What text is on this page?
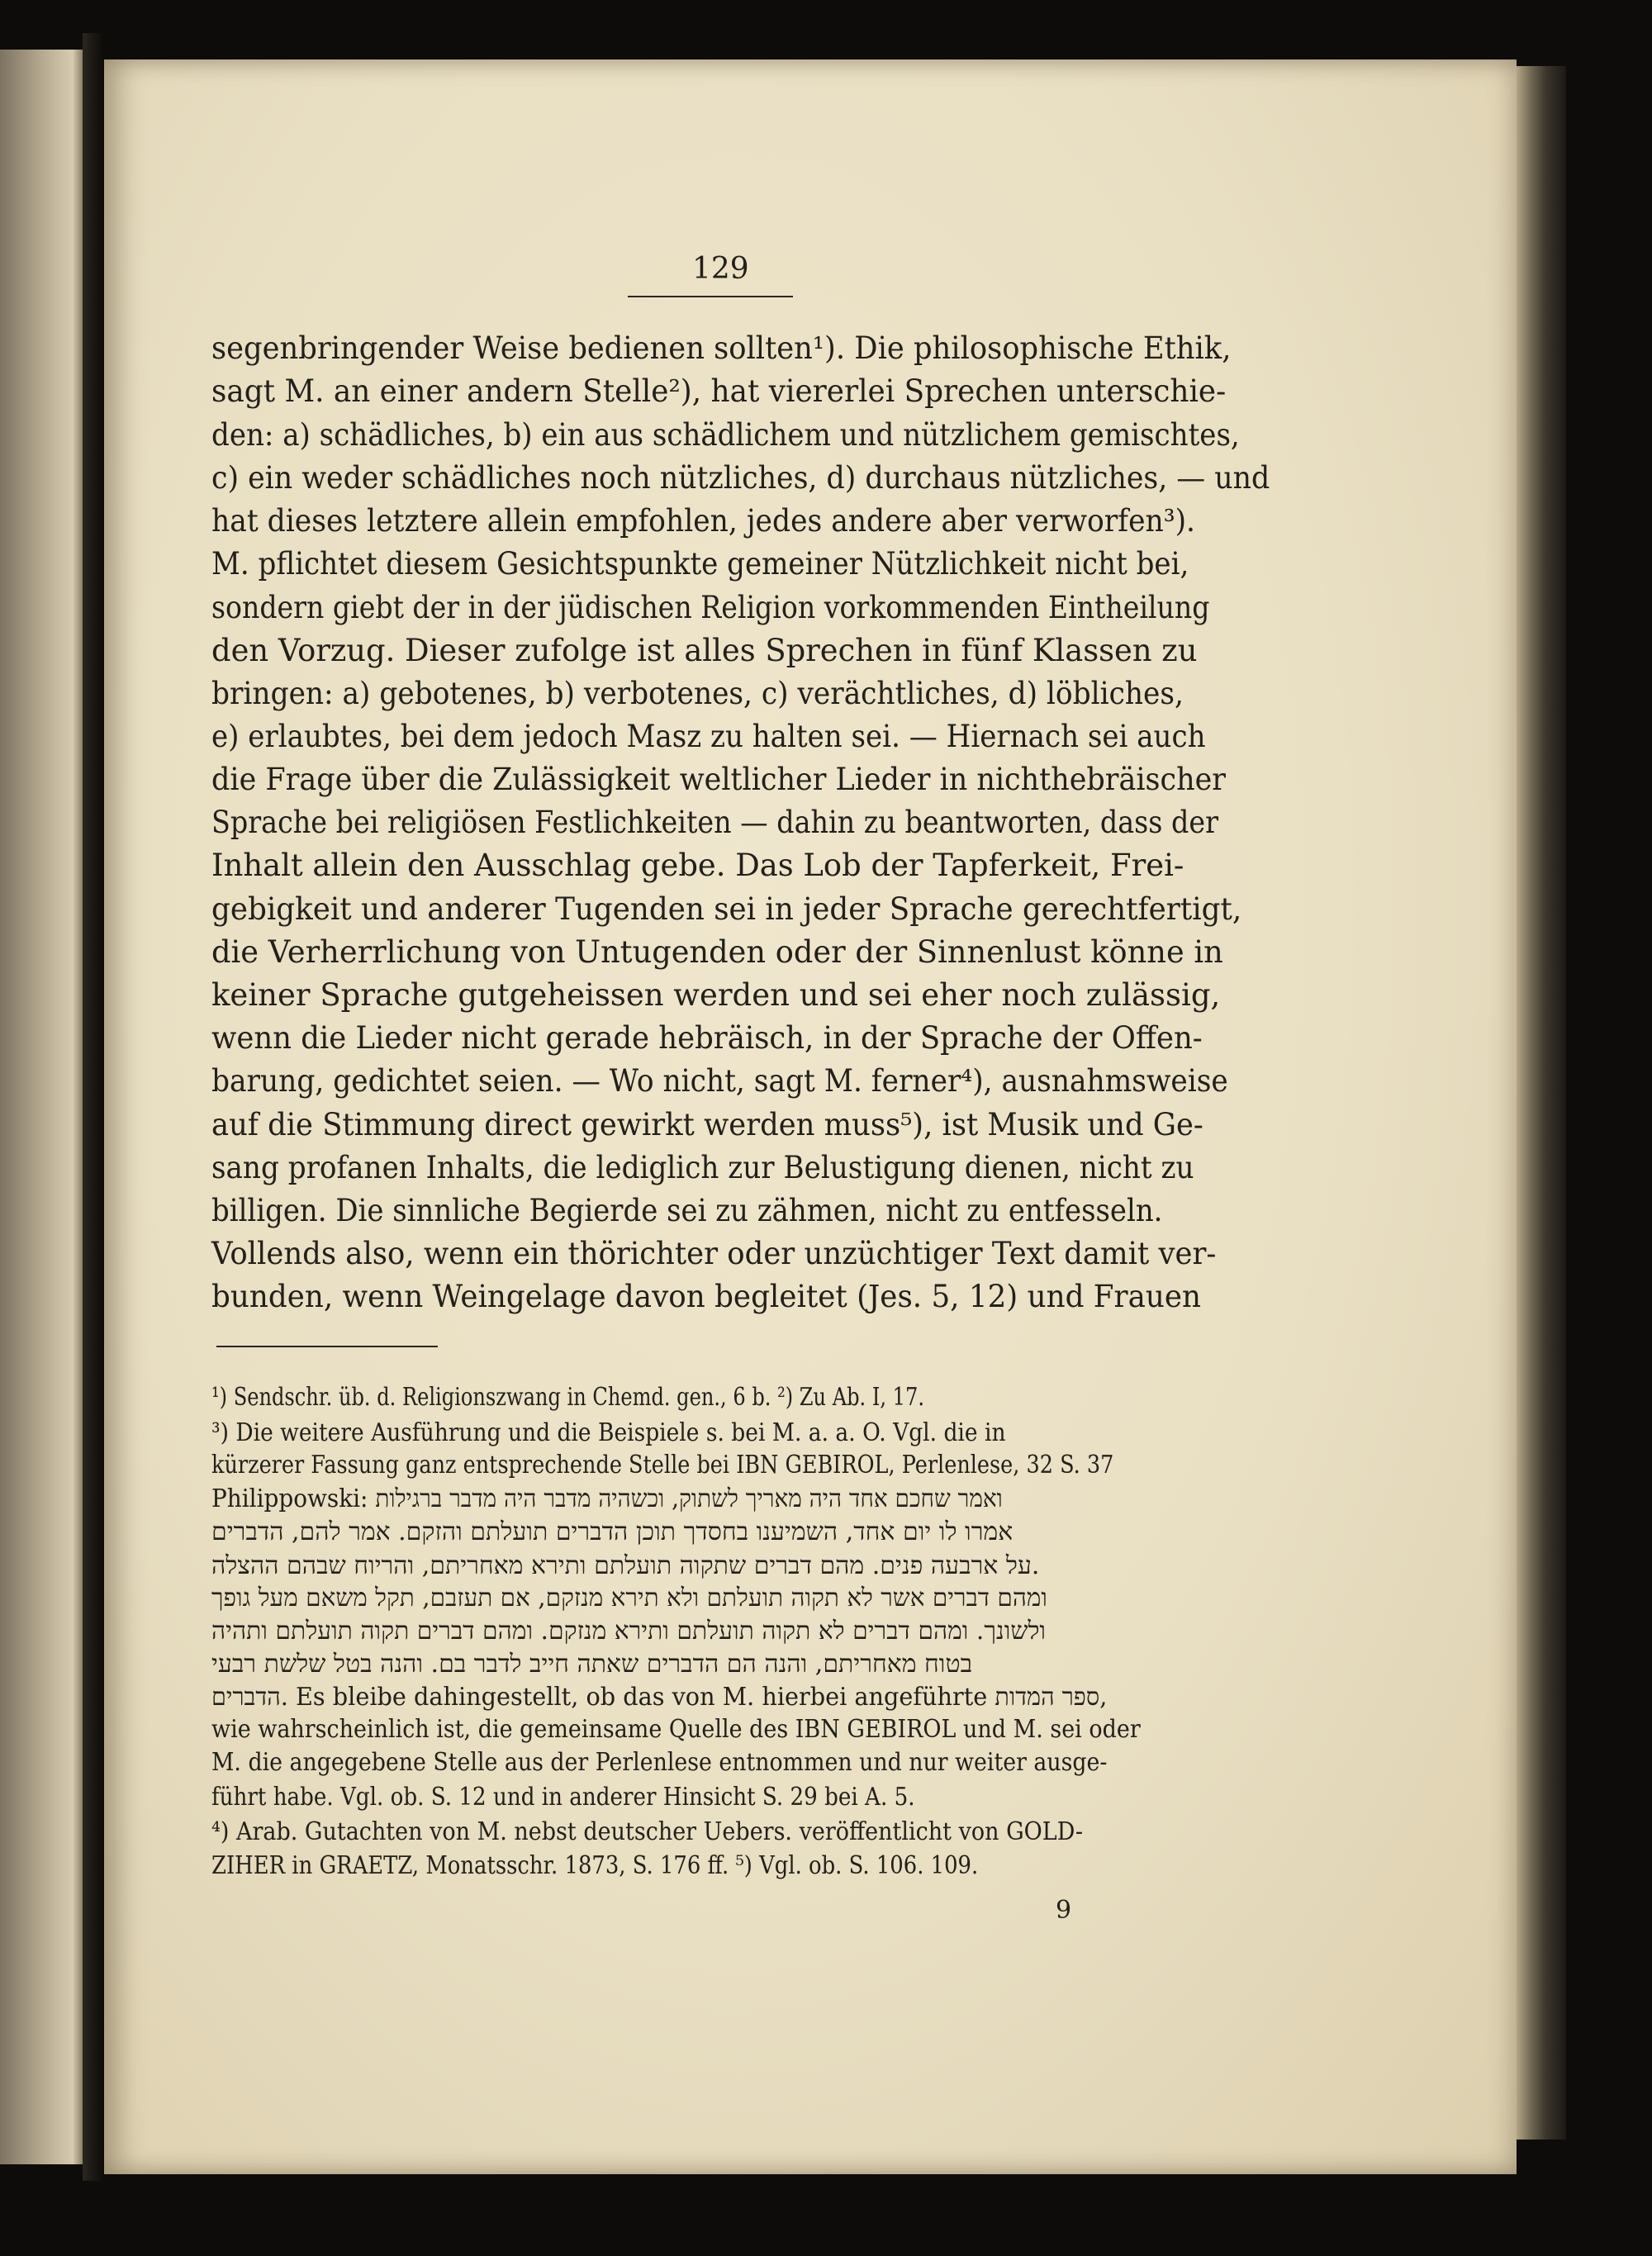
129

segenbringender Weise bedienen sollten¹). Die philosophische Ethik,

sagt M. an einer andern Stelle²), hat viererlei Sprechen unterschie-

den: a) schädliches, b) ein aus schädlichem und nützlichem gemischtes,

c) ein weder schädliches noch nützliches, d) durchaus nützliches, — und

hat dieses letztere allein empfohlen, jedes andere aber verworfen³).

M. pflichtet diesem Gesichtspunkte gemeiner Nützlichkeit nicht bei,

sondern giebt der in der jüdischen Religion vorkommenden Eintheilung

den Vorzug. Dieser zufolge ist alles Sprechen in fünf Klassen zu

bringen: a) gebotenes, b) verbotenes, c) verächtliches, d) löbliches,

e) erlaubtes, bei dem jedoch Masz zu halten sei. — Hiernach sei auch

die Frage über die Zulässigkeit weltlicher Lieder in nichthebräischer

Sprache bei religiösen Festlichkeiten — dahin zu beantworten, dass der

Inhalt allein den Ausschlag gebe. Das Lob der Tapferkeit, Frei-

gebigkeit und anderer Tugenden sei in jeder Sprache gerechtfertigt,

die Verherrlichung von Untugenden oder der Sinnenlust könne in

keiner Sprache gutgeheissen werden und sei eher noch zulässig,

wenn die Lieder nicht gerade hebräisch, in der Sprache der Offen-

barung, gedichtet seien. — Wo nicht, sagt M. ferner⁴), ausnahmsweise

auf die Stimmung direct gewirkt werden muss⁵), ist Musik und Ge-

sang profanen Inhalts, die lediglich zur Belustigung dienen, nicht zu

billigen. Die sinnliche Begierde sei zu zähmen, nicht zu entfesseln.

Vollends also, wenn ein thörichter oder unzüchtiger Text damit ver-

bunden, wenn Weingelage davon begleitet (Jes. 5, 12) und Frauen

¹) Sendschr. üb. d. Religionszwang in Chemd. gen., 6 b. ²) Zu Ab. I, 17.

³) Die weitere Ausführung und die Beispiele s. bei M. a. a. O. Vgl. die in

kürzerer Fassung ganz entsprechende Stelle bei IBN GEBIROL, Perlenlese, 32 S. 37

Philippowski: ואמר שחכם אחד היה מאריך לשתוק, וכשהיה מדבר היה מדבר ברגילות

אמרו לו יום אחד, השמיענו בחסדך תוכן הדברים תועלתם והזקם. אמר להם, הדברים

על ארבעה פנים. מהם דברים שתקוה תועלתם ותירא מאחריתם, והריוח שבהם ההצלה.

ומהם דברים אשר לא תקוה תועלתם ולא תירא מנזקם, אם תעזבם, תקל משאם מעל גופך

ולשונך. ומהם דברים לא תקוה תועלתם ותירא מנזקם. ומהם דברים תקוה תועלתם ותהיה

בטוח מאחריתם, והנה הם הדברים שאתה חייב לדבר בם. והנה בטל שלשת רבעי

הדברים. Es bleibe dahingestellt, ob das von M. hierbei angeführte ספר המדות,

wie wahrscheinlich ist, die gemeinsame Quelle des IBN GEBIROL und M. sei oder

M. die angegebene Stelle aus der Perlenlese entnommen und nur weiter ausge-

führt habe. Vgl. ob. S. 12 und in anderer Hinsicht S. 29 bei A. 5.

⁴) Arab. Gutachten von M. nebst deutscher Uebers. veröffentlicht von GOLD-

ZIHER in GRAETZ, Monatsschr. 1873, S. 176 ff. ⁵) Vgl. ob. S. 106. 109.

9
